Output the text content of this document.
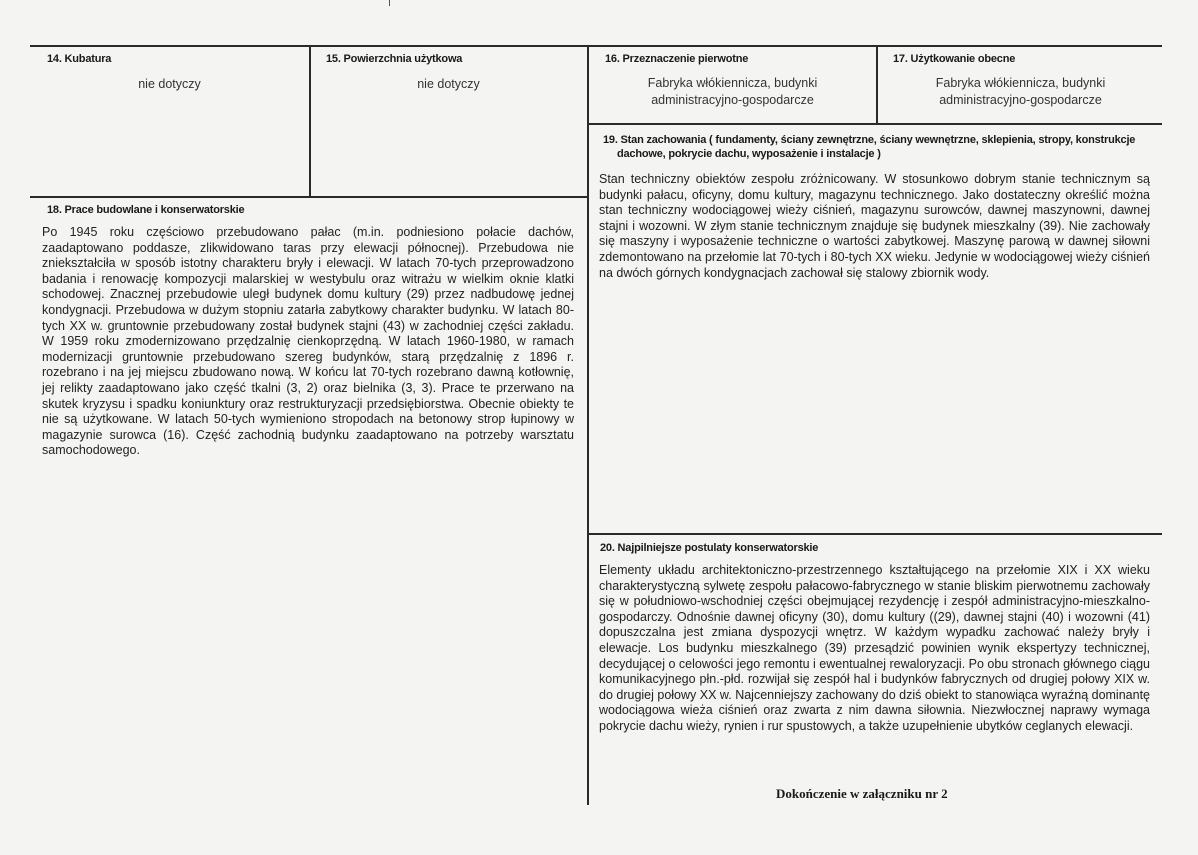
14. Kubatura
nie dotyczy
15. Powierzchnia użytkowa
nie dotyczy
16. Przeznaczenie pierwotne
Fabryka włókiennicza, budynki administracyjno-gospodarcze
17. Użytkowanie obecne
Fabryka włókiennicza, budynki administracyjno-gospodarcze
19. Stan zachowania ( fundamenty, ściany zewnętrzne, ściany wewnętrzne, sklepienia, stropy, konstrukcje dachowe, pokrycie dachu, wyposażenie i instalacje )
Stan techniczny obiektów zespołu zróżnicowany. W stosunkowo dobrym stanie technicznym są budynki pałacu, oficyny, domu kultury, magazynu technicznego. Jako dostateczny określić można stan techniczny wodociągowej wieży ciśnień, magazynu surowców, dawnej maszynowni, dawnej stajni i wozowni. W złym stanie technicznym znajduje się budynek mieszkalny (39). Nie zachowały się maszyny i wyposażenie techniczne o wartości zabytkowej. Maszynę parową w dawnej siłowni zdemontowano na przełomie lat 70-tych i 80-tych XX wieku. Jedynie w wodociągowej wieży ciśnień na dwóch górnych kondygnacjach zachował się stalowy zbiornik wody.
18. Prace budowlane i konserwatorskie
Po 1945 roku częściowo przebudowano pałac (m.in. podniesiono połacie dachów, zaadaptowano poddasze, zlikwidowano taras przy elewacji północnej). Przebudowa nie zniekształciła w sposób istotny charakteru bryły i elewacji. W latach 70-tych przeprowadzono badania i renowację kompozycji malarskiej w westybulu oraz witrażu w wielkim oknie klatki schodowej. Znacznej przebudowie uległ budynek domu kultury (29) przez nadbudowę jednej kondygnacji. Przebudowa w dużym stopniu zatarła zabytkowy charakter budynku. W latach 80-tych XX w. gruntownie przebudowany został budynek stajni (43) w zachodniej części zakładu. W 1959 roku zmodernizowano przędzalnię cienkoprzędną. W latach 1960-1980, w ramach modernizacji gruntownie przebudowano szereg budynków, starą przędzalnię z 1896 r. rozebrano i na jej miejscu zbudowano nową. W końcu lat 70-tych rozebrano dawną kotłownię, jej relikty zaadaptowano jako część tkalni (3, 2) oraz bielnika (3, 3). Prace te przerwano na skutek kryzysu i spadku koniunktury oraz restrukturyzacji przedsiębiorstwa. Obecnie obiekty te nie są użytkowane. W latach 50-tych wymieniono stropodach na betonowy strop łupinowy w magazynie surowca (16). Część zachodnią budynku zaadaptowano na potrzeby warsztatu samochodowego.
20. Najpilniejsze postulaty konserwatorskie
Elementy układu architektoniczno-przestrzennego kształtującego na przełomie XIX i XX wieku charakterystyczną sylwetę zespołu pałacowo-fabrycznego w stanie bliskim pierwotnemu zachowały się w południowo-wschodniej części obejmującej rezydencję i zespół administracyjno-mieszkalno-gospodarczy. Odnośnie dawnej oficyny (30), domu kultury ((29), dawnej stajni (40) i wozowni (41) dopuszczalna jest zmiana dyspozycji wnętrz. W każdym wypadku zachować należy bryły i elewacje. Los budynku mieszkalnego (39) przesądzić powinien wynik ekspertyzy technicznej, decydującej o celowości jego remontu i ewentualnej rewaloryzacji. Po obu stronach głównego ciągu komunikacyjnego płn.-płd. rozwijał się zespół hal i budynków fabrycznych od drugiej połowy XIX w. do drugiej połowy XX w. Najcenniejszy zachowany do dziś obiekt to stanowiąca wyraźną dominantę wodociągowa wieża ciśnień oraz zwarta z nim dawna siłownia. Niezwłocznej naprawy wymaga pokrycie dachu wieży, rynien i rur spustowych, a także uzupełnienie ubytków ceglanych elewacji.
Dokończenie w załączniku nr 2
